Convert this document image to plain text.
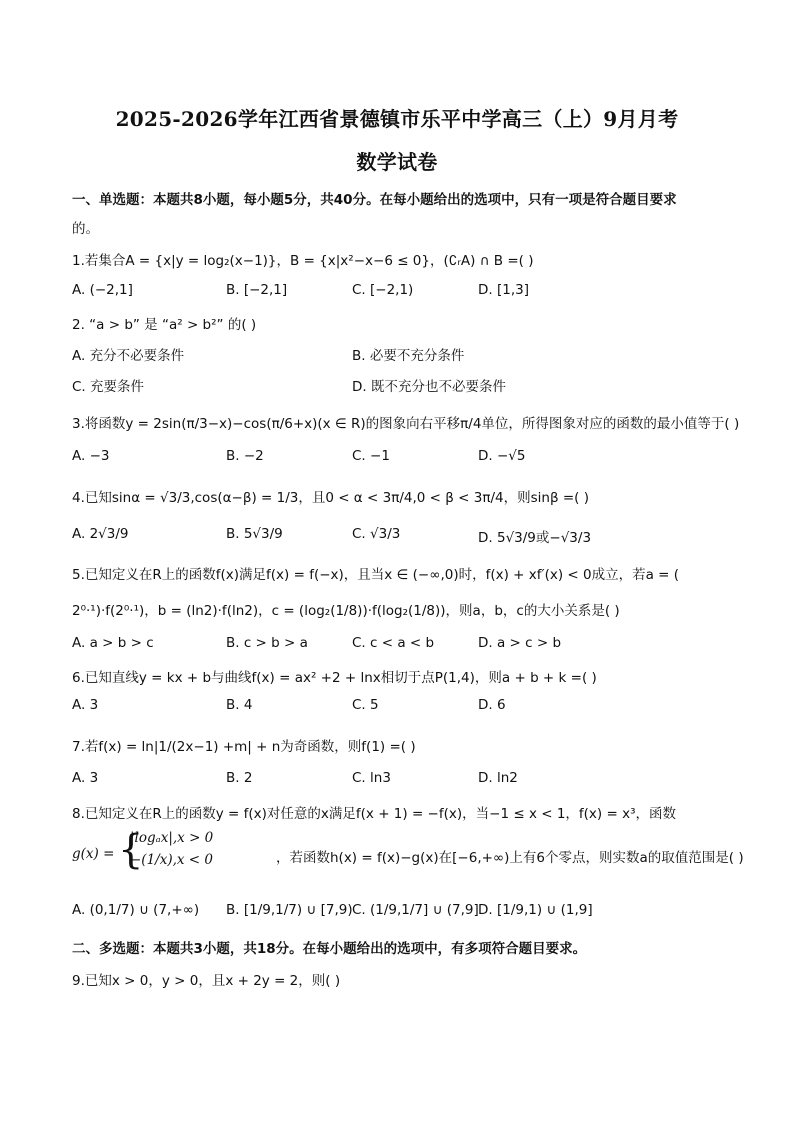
2025-2026学年江西省景德镇市乐平中学高三（上）9月月考
数学试卷
一、单选题：本题共8小题，每小题5分，共40分。在每小题给出的选项中，只有一项是符合题目要求
的。
1.若集合A = {x|y = log₂(x−1)}，B = {x|x²−x−6 ≤ 0}，(∁ᵣA) ∩ B =( )
A. (−2,1]	B. [−2,1]	C. [−2,1)	D. [1,3]
2. “a > b” 是 “a² > b²” 的( )
A. 充分不必要条件	B. 必要不充分条件
C. 充要条件	D. 既不充分也不必要条件
3.将函数y = 2sin(π/3−x)−cos(π/6+x)(x ∈ R)的图象向右平移π/4单位，所得图象对应的函数的最小值等于( )
A. −3	B. −2	C. −1	D. −√5
4.已知sinα = √3/3,cos(α−β) = 1/3，且0 < α < 3π/4,0 < β < 3π/4，则sinβ =( )
A. 2√3/9	B. 5√3/9	C. √3/3	D. 5√3/9或−√3/3
5.已知定义在R上的函数f(x)满足f(x) = f(−x)，且当x ∈ (−∞,0)时，f(x) + xf′(x) < 0成立，若a = (
2⁰·¹)·f(2⁰·¹)，b = (ln2)·f(ln2)，c = (log₂(1/8))·f(log₂(1/8))，则a，b，c的大小关系是( )
A. a > b > c	B. c > b > a	C. c < a < b	D. a > c > b
6.已知直线y = kx + b与曲线f(x) = ax² +2 + lnx相切于点P(1,4)，则a + b + k =( )
A. 3	B. 4	C. 5	D. 6
7.若f(x) = ln|1/(2x−1) +m| + n为奇函数，则f(1) =( )
A. 3	B. 2	C. ln3	D. ln2
8.已知定义在R上的函数y = f(x)对任意的x满足f(x + 1) = −f(x)，当−1 ≤ x < 1，f(x) = x³，函数
g(x) = {
|logₐx|,x > 0
−(1/x),x < 0	，若函数h(x) = f(x)−g(x)在[−6,+∞)上有6个零点，则实数a的取值范围是( )
A. (0,1/7) ∪ (7,+∞) B. [1/9,1/7) ∪ [7,9) C. (1/9,1/7] ∪ (7,9] D. [1/9,1) ∪ (1,9]
二、多选题：本题共3小题，共18分。在每小题给出的选项中，有多项符合题目要求。
9.已知x > 0，y > 0，且x + 2y = 2，则( )
